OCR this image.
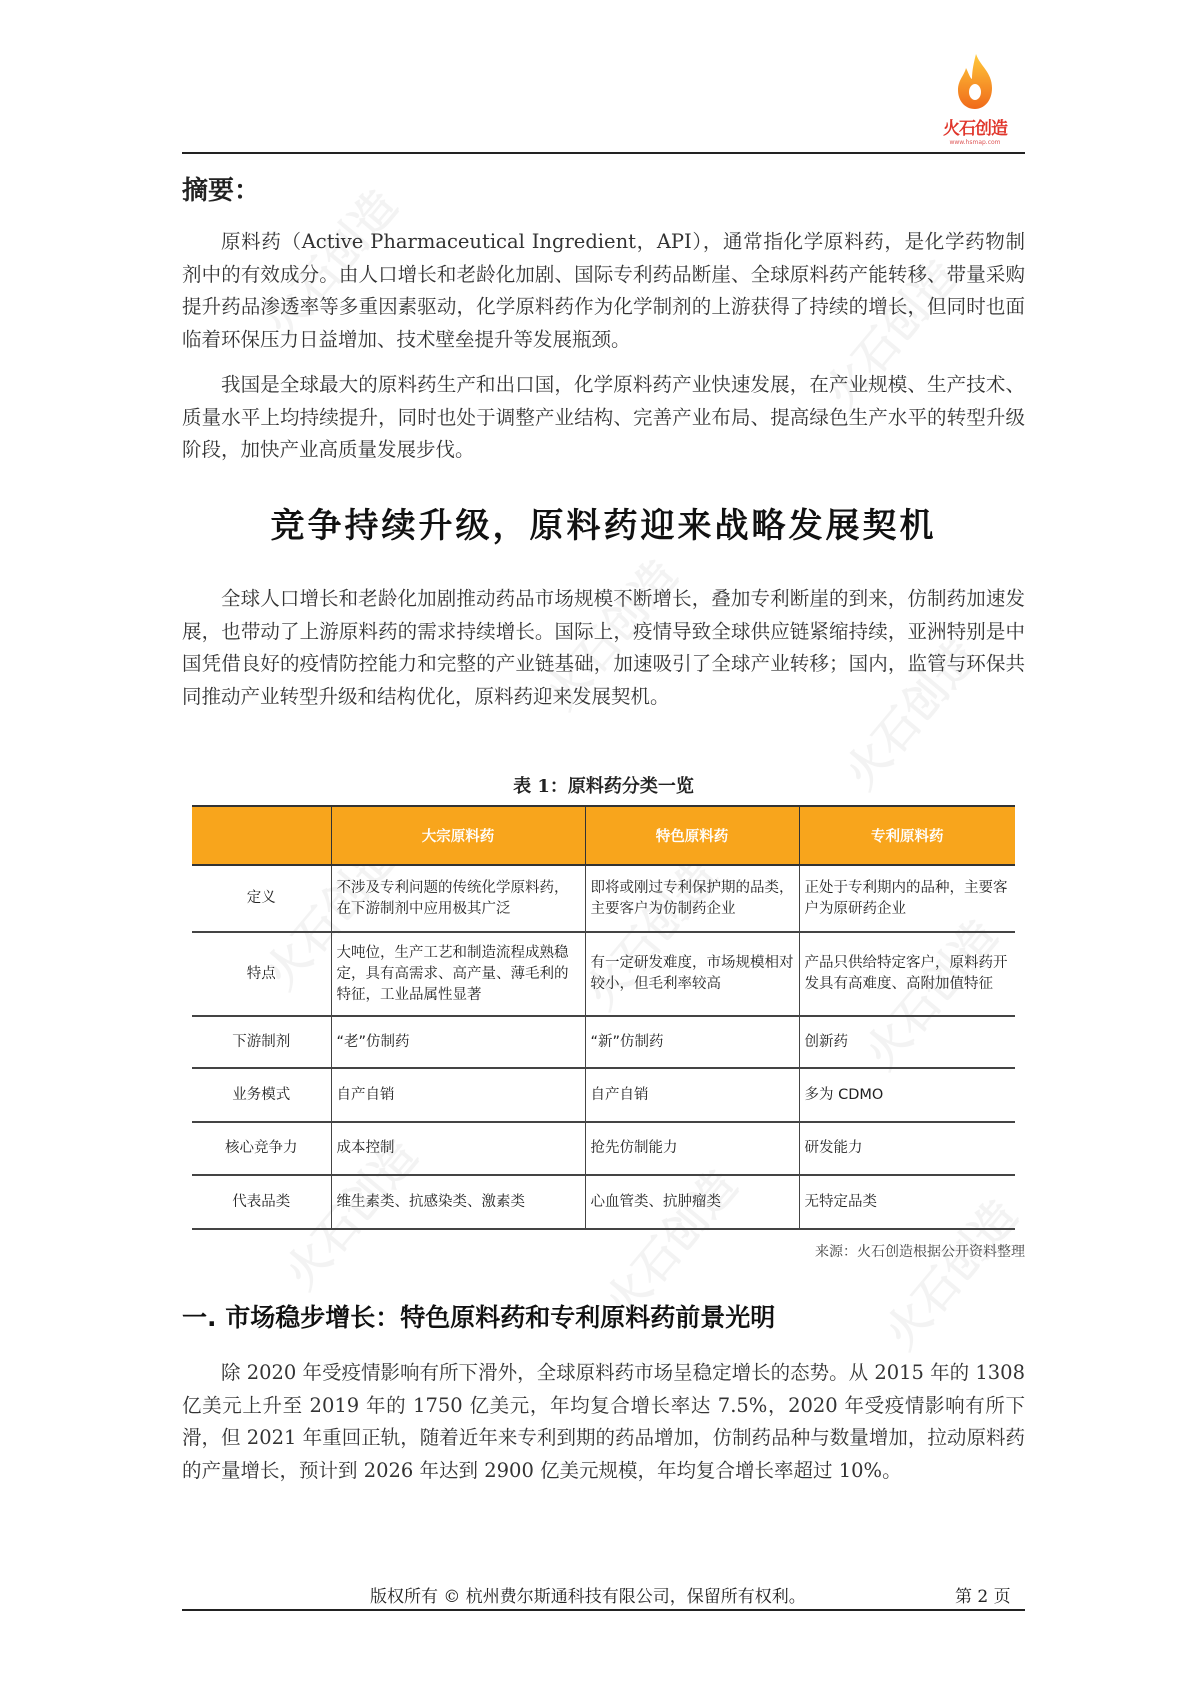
火石创造
www.hsmap.com
摘要：

原料药（Active Pharmaceutical Ingredient，API），通常指化学原料药，是化学药物制剂中的有效成分。由人口增长和老龄化加剧、国际专利药品断崖、全球原料药产能转移、带量采购提升药品渗透率等多重因素驱动，化学原料药作为化学制剂的上游获得了持续的增长，但同时也面临着环保压力日益增加、技术壁垒提升等发展瓶颈。

我国是全球最大的原料药生产和出口国，化学原料药产业快速发展，在产业规模、生产技术、质量水平上均持续提升，同时也处于调整产业结构、完善产业布局、提高绿色生产水平的转型升级阶段，加快产业高质量发展步伐。

竞争持续升级，原料药迎来战略发展契机

全球人口增长和老龄化加剧推动药品市场规模不断增长，叠加专利断崖的到来，仿制药加速发展，也带动了上游原料药的需求持续增长。国际上，疫情导致全球供应链紧缩持续，亚洲特别是中国凭借良好的疫情防控能力和完整的产业链基础，加速吸引了全球产业转移；国内，监管与环保共同推动产业转型升级和结构优化，原料药迎来发展契机。

表 1：原料药分类一览
	大宗原料药	特色原料药	专利原料药
定义	不涉及专利问题的传统化学原料药，在下游制剂中应用极其广泛	即将或刚过专利保护期的品类，主要客户为仿制药企业	正处于专利期内的品种，主要客户为原研药企业
特点	大吨位，生产工艺和制造流程成熟稳定，具有高需求、高产量、薄毛利的特征，工业品属性显著	有一定研发难度，市场规模相对较小，但毛利率较高	产品只供给特定客户，原料药开发具有高难度、高附加值特征
下游制剂	“老”仿制药	“新”仿制药	创新药
业务模式	自产自销	自产自销	多为 CDMO
核心竞争力	成本控制	抢先仿制能力	研发能力
代表品类	维生素类、抗感染类、激素类	心血管类、抗肿瘤类	无特定品类
来源：火石创造根据公开资料整理
一. 市场稳步增长：特色原料药和专利原料药前景光明

除 2020 年受疫情影响有所下滑外，全球原料药市场呈稳定增长的态势。从 2015 年的 1308 亿美元上升至 2019 年的 1750 亿美元，年均复合增长率达 7.5%，2020 年受疫情影响有所下滑，但 2021 年重回正轨，随着近年来专利到期的药品增加，仿制药品种与数量增加，拉动原料药的产量增长，预计到 2026 年达到 2900 亿美元规模，年均复合增长率超过 10%。

版权所有 © 杭州费尔斯通科技有限公司，保留所有权利。	第 2 页
